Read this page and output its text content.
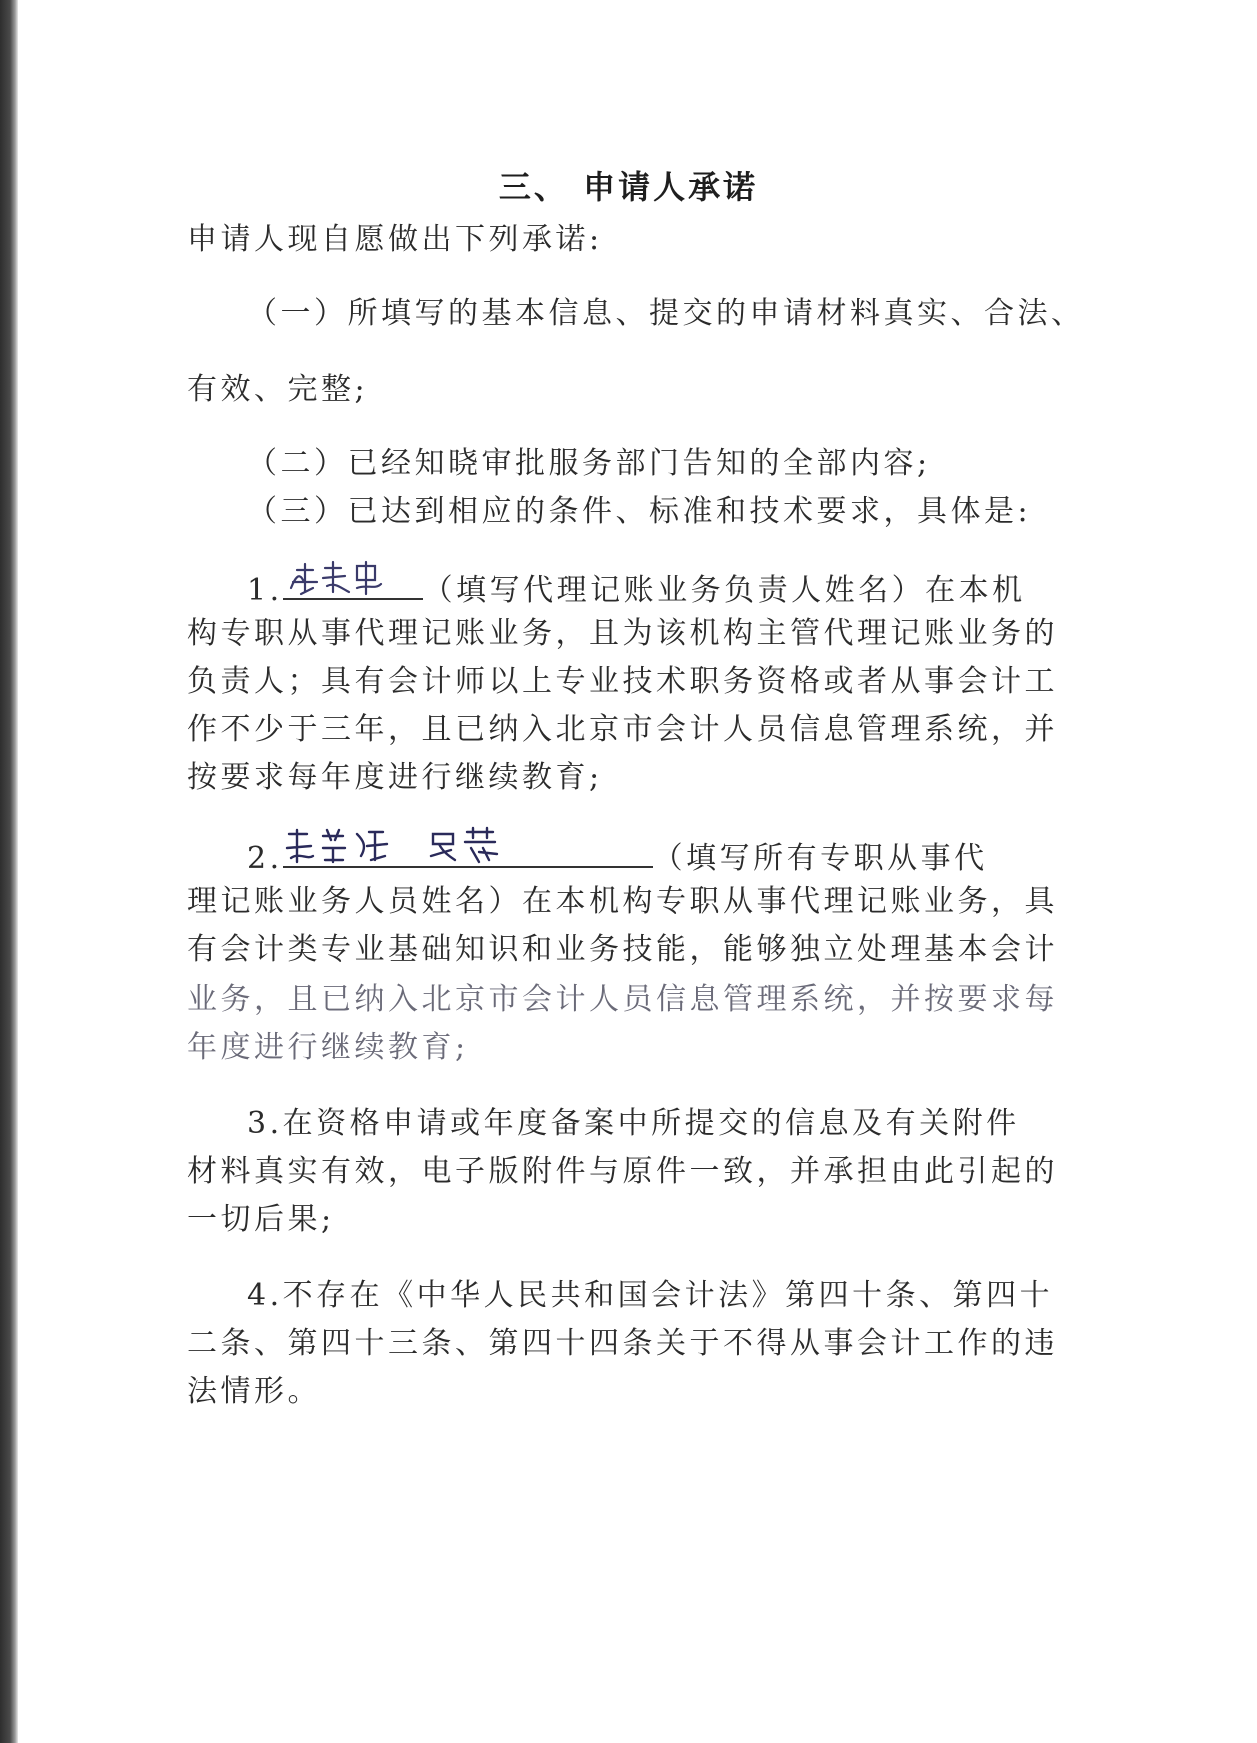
三、 申请人承诺
申请人现自愿做出下列承诺:
（一）所填写的基本信息、提交的申请材料真实、合法、
有效、完整;
（二）已经知晓审批服务部门告知的全部内容;
（三）已达到相应的条件、标准和技术要求，具体是:
1.	（填写代理记账业务负责人姓名）在本机
构专职从事代理记账业务，且为该机构主管代理记账业务的
负责人；具有会计师以上专业技术职务资格或者从事会计工
作不少于三年，且已纳入北京市会计人员信息管理系统，并
按要求每年度进行继续教育;
2.	（填写所有专职从事代
理记账业务人员姓名）在本机构专职从事代理记账业务，具
有会计类专业基础知识和业务技能，能够独立处理基本会计
业务，且已纳入北京市会计人员信息管理系统，并按要求每
年度进行继续教育;
3.在资格申请或年度备案中所提交的信息及有关附件
材料真实有效，电子版附件与原件一致，并承担由此引起的
一切后果;
4.不存在《中华人民共和国会计法》第四十条、第四十
二条、第四十三条、第四十四条关于不得从事会计工作的违
法情形。
